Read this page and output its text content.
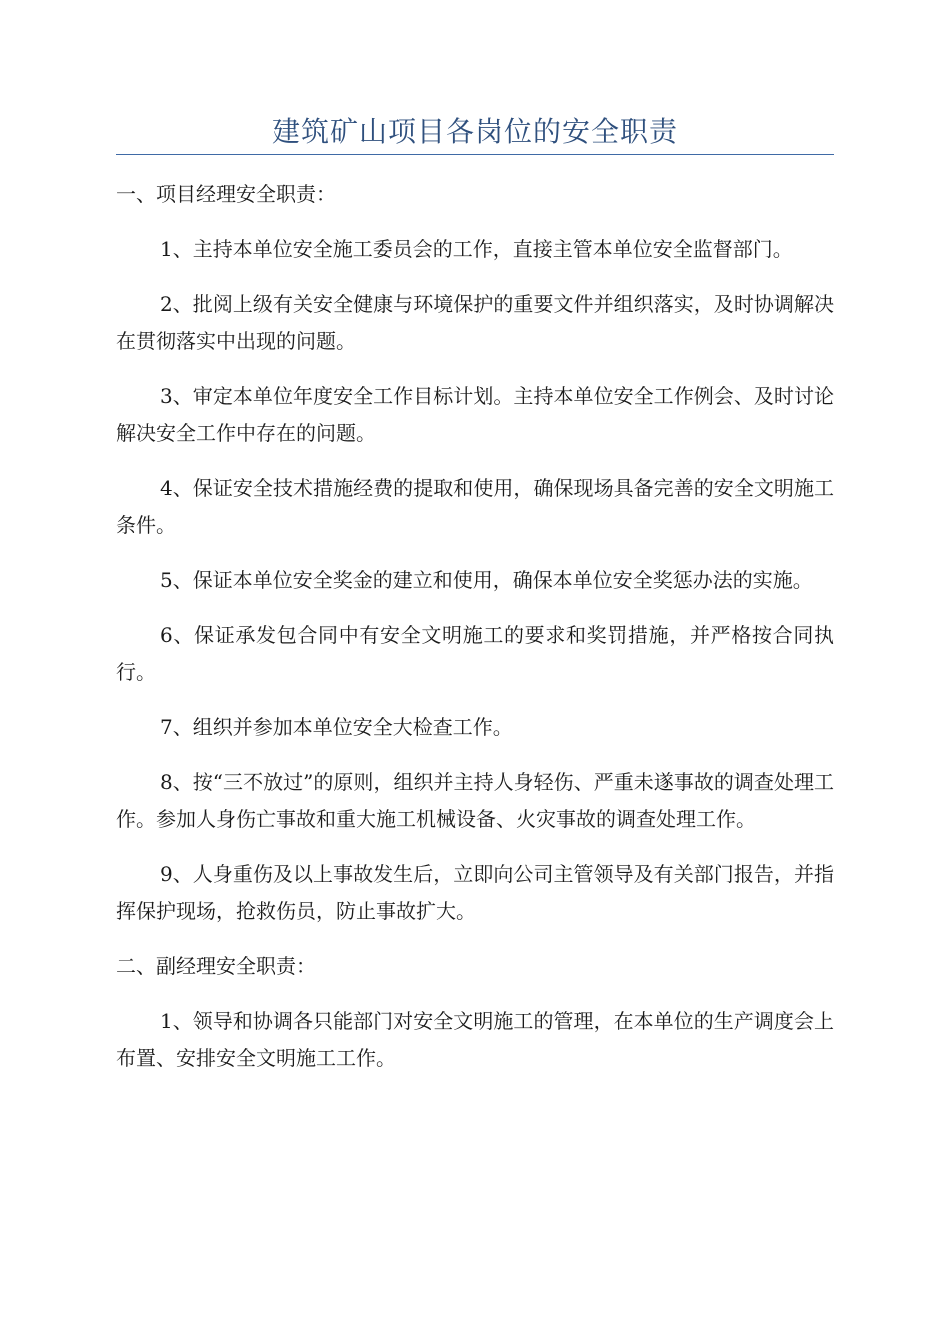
建筑矿山项目各岗位的安全职责

一、项目经理安全职责：

1、主持本单位安全施工委员会的工作，直接主管本单位安全监督部门。

2、批阅上级有关安全健康与环境保护的重要文件并组织落实，及时协调解决在贯彻落实中出现的问题。

3、审定本单位年度安全工作目标计划。主持本单位安全工作例会、及时讨论解决安全工作中存在的问题。

4、保证安全技术措施经费的提取和使用，确保现场具备完善的安全文明施工条件。

5、保证本单位安全奖金的建立和使用，确保本单位安全奖惩办法的实施。

6、保证承发包合同中有安全文明施工的要求和奖罚措施，并严格按合同执行。

7、组织并参加本单位安全大检查工作。

8、按“三不放过”的原则，组织并主持人身轻伤、严重未遂事故的调查处理工作。参加人身伤亡事故和重大施工机械设备、火灾事故的调查处理工作。

9、人身重伤及以上事故发生后，立即向公司主管领导及有关部门报告，并指挥保护现场，抢救伤员，防止事故扩大。

二、副经理安全职责：

1、领导和协调各只能部门对安全文明施工的管理，在本单位的生产调度会上布置、安排安全文明施工工作。
